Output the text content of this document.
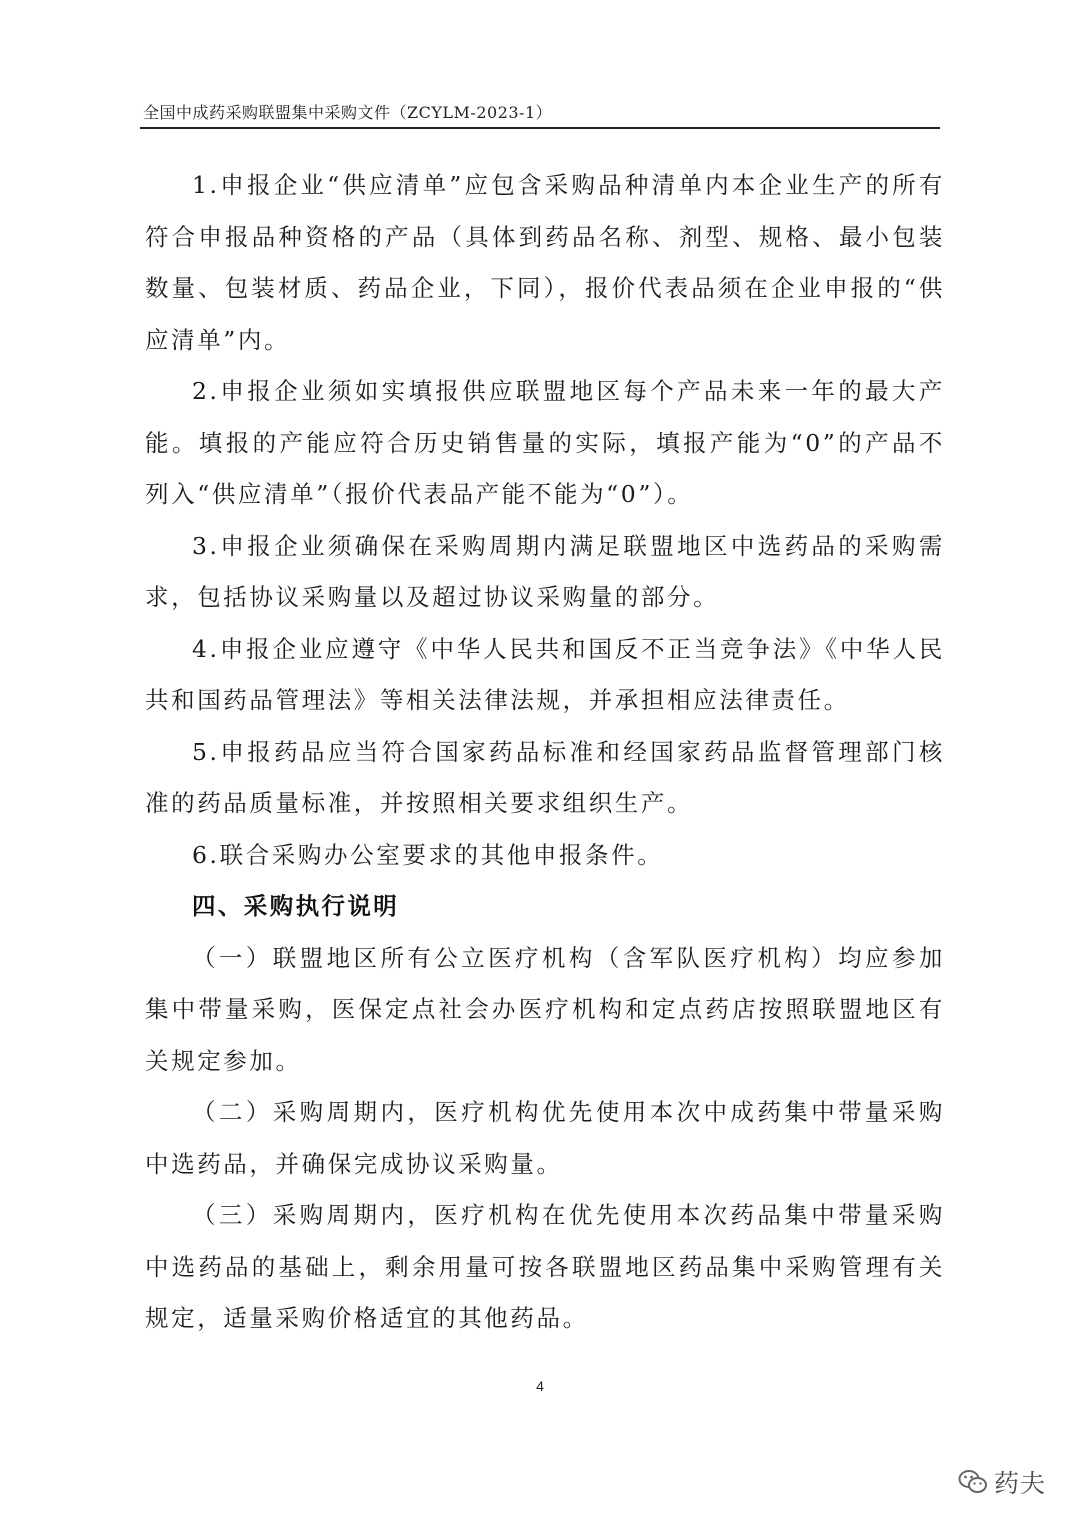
全国中成药采购联盟集中采购文件（ZCYLM-2023-1）

1.申报企业“供应清单”应包含采购品种清单内本企业生产的所有符合申报品种资格的产品（具体到药品名称、剂型、规格、最小包装数量、包装材质、药品企业，下同），报价代表品须在企业申报的“供应清单”内。

2.申报企业须如实填报供应联盟地区每个产品未来一年的最大产能。填报的产能应符合历史销售量的实际，填报产能为“0”的产品不列入“供应清单”（报价代表品产能不能为“0”）。

3.申报企业须确保在采购周期内满足联盟地区中选药品的采购需求，包括协议采购量以及超过协议采购量的部分。

4.申报企业应遵守《中华人民共和国反不正当竞争法》《中华人民共和国药品管理法》等相关法律法规，并承担相应法律责任。

5.申报药品应当符合国家药品标准和经国家药品监督管理部门核准的药品质量标准，并按照相关要求组织生产。

6.联合采购办公室要求的其他申报条件。

四、采购执行说明

（一）联盟地区所有公立医疗机构（含军队医疗机构）均应参加集中带量采购，医保定点社会办医疗机构和定点药店按照联盟地区有关规定参加。

（二）采购周期内，医疗机构优先使用本次中成药集中带量采购中选药品，并确保完成协议采购量。

（三）采购周期内，医疗机构在优先使用本次药品集中带量采购中选药品的基础上，剩余用量可按各联盟地区药品集中采购管理有关规定，适量采购价格适宜的其他药品。

4
药夫
